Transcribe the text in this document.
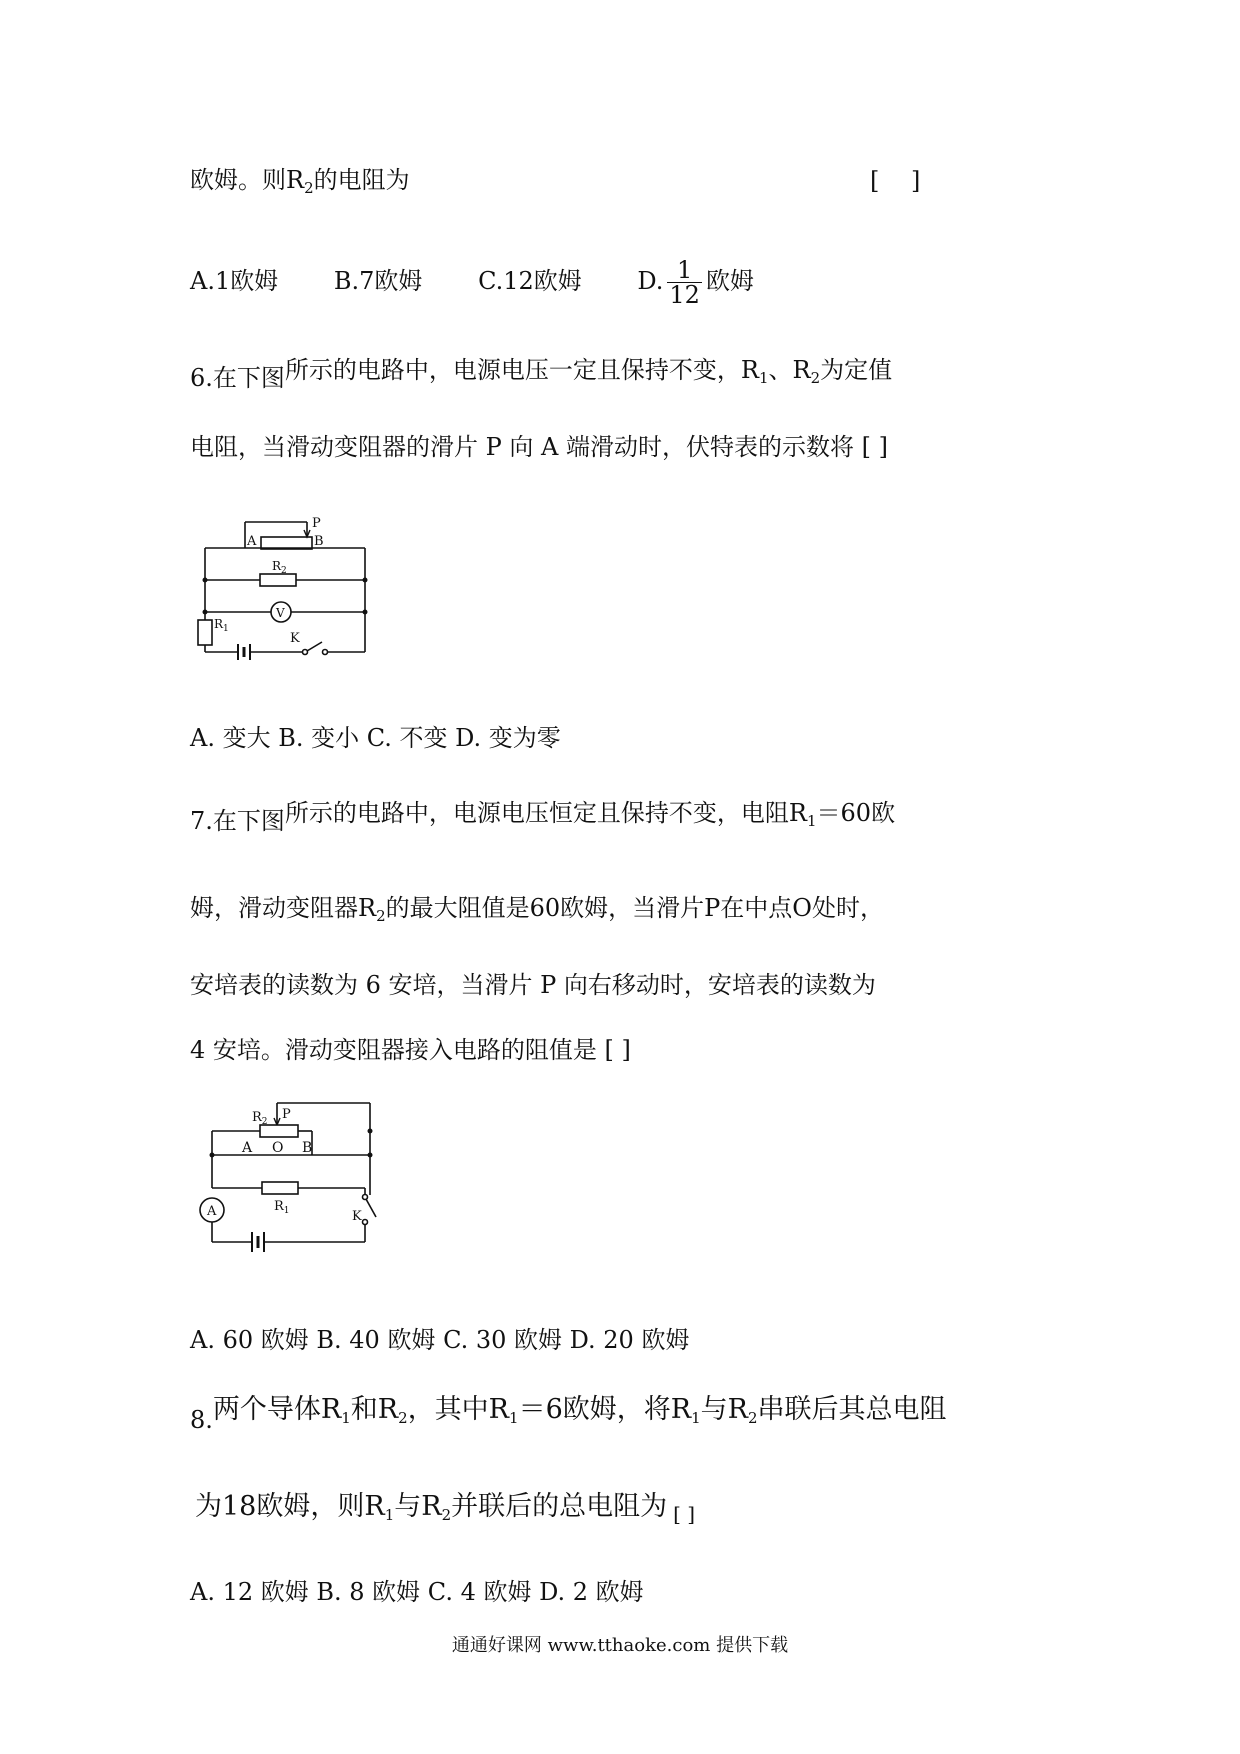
欧姆。则$R_2$的电阻为	[ ]
A.1欧姆 B.7欧姆 C.12欧姆 D. $\frac{1}{12}$ 欧姆
6.在下图所示的电路中，电源电压一定且保持不变，$R_1$、$R_2$为定值
电阻，当滑动变阻器的滑片 P 向 A 端滑动时，伏特表的示数将 [ ]
A
P
B
$R_2$
V
$R_1$
K
A. 变大 B. 变小 C. 不变 D. 变为零
7.在下图所示的电路中，电源电压恒定且保持不变，电阻$R_1=60$欧
姆，滑动变阻器$R_2$的最大阻值是60欧姆，当滑片P在中点O处时，
安培表的读数为 6 安培，当滑片 P 向右移动时，安培表的读数为
4 安培。滑动变阻器接入电路的阻值是 [ ]
$R_2$ P
A O B
$R_1$
A	K
A. 60 欧姆 B. 40 欧姆 C. 30 欧姆 D. 20 欧姆
8.两个导体$R_1$和$R_2$，其中$R_1=6$欧姆，将$R_1$与$R_2$串联后其总电阻
为18欧姆，则$R_1$与$R_2$并联后的总电阻为 $_{[ ]}$
A. 12 欧姆 B. 8 欧姆 C. 4 欧姆 D. 2 欧姆
通通好课网 www.tthaoke.com 提供下载
